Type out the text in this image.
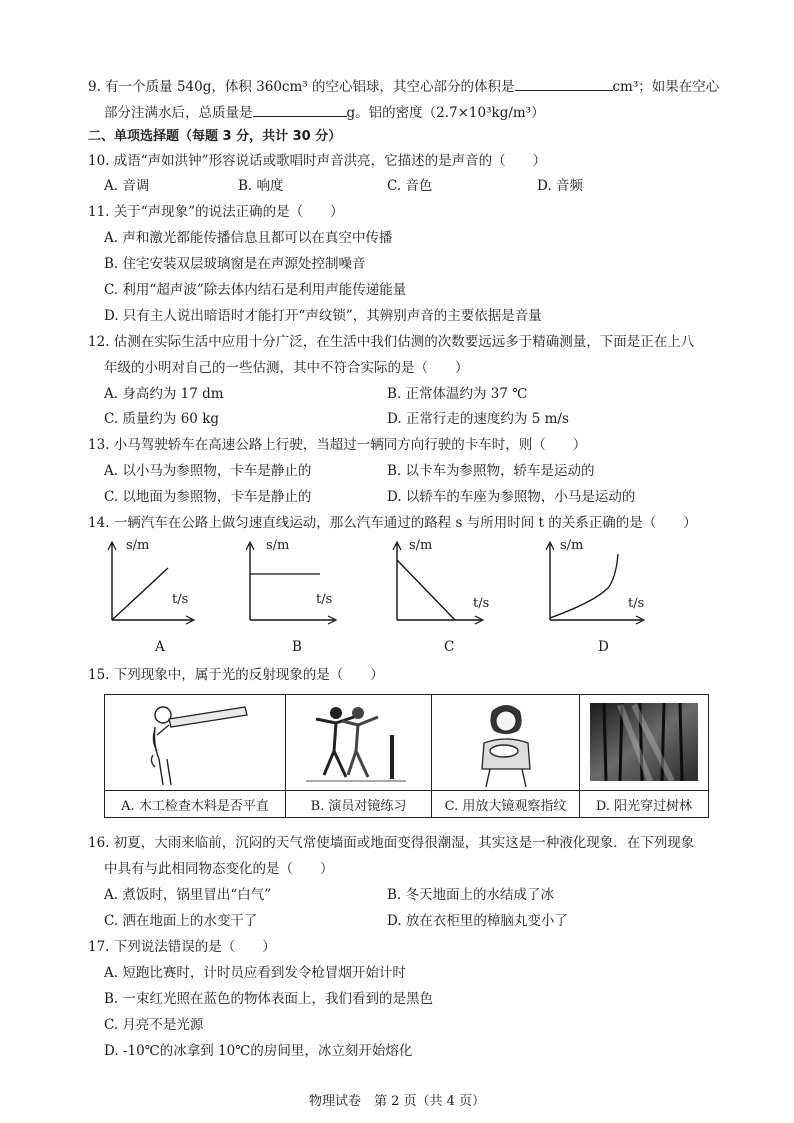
9. 有一个质量 540g，体积 360cm³ 的空心铝球，其空心部分的体积是	cm³；如果在空心
部分注满水后，总质量是	g。铝的密度（2.7×10³kg/m³）
二、单项选择题（每题 3 分，共计 30 分）
10. 成语“声如洪钟”形容说话或歌唱时声音洪亮，它描述的是声音的（　　）
A. 音调	B. 响度	C. 音色	D. 音频
11. 关于“声现象”的说法正确的是（　　）
A. 声和激光都能传播信息且都可以在真空中传播
B. 住宅安装双层玻璃窗是在声源处控制噪音
C. 利用“超声波”除去体内结石是利用声能传递能量
D. 只有主人说出暗语时才能打开“声纹锁”，其辨别声音的主要依据是音量
12. 估测在实际生活中应用十分广泛，在生活中我们估测的次数要远远多于精确测量，下面是正在上八
年级的小明对自己的一些估测，其中不符合实际的是（　　）
A. 身高约为 17 dm	B. 正常体温约为 37 ℃
C. 质量约为 60 kg	D. 正常行走的速度约为 5 m/s
13. 小马驾驶轿车在高速公路上行驶，当超过一辆同方向行驶的卡车时，则（　　）
A. 以小马为参照物，卡车是静止的	B. 以卡车为参照物，轿车是运动的
C. 以地面为参照物，卡车是静止的	D. 以轿车的车座为参照物，小马是运动的
14. 一辆汽车在公路上做匀速直线运动，那么汽车通过的路程 s 与所用时间 t 的关系正确的是（　　）
s/m
t/s
A
s/m
t/s
B
s/m
t/s
C
s/m
t/s
D
15. 下列现象中，属于光的反射现象的是（　　）

A. 木工检查木料是否平直	B. 演员对镜练习	C. 用放大镜观察指纹	D. 阳光穿过树林
16. 初夏，大雨来临前，沉闷的天气常使墙面或地面变得很潮湿，其实这是一种液化现象．在下列现象
中具有与此相同物态变化的是（　　）
A. 煮饭时，锅里冒出“白气”	B. 冬天地面上的水结成了冰
C. 洒在地面上的水变干了	D. 放在衣柜里的樟脑丸变小了
17. 下列说法错误的是（　　）
A. 短跑比赛时，计时员应看到发令枪冒烟开始计时
B. 一束红光照在蓝色的物体表面上，我们看到的是黑色
C. 月亮不是光源
D. -10℃的冰拿到 10℃的房间里，冰立刻开始熔化
物理试卷　第 2 页（共 4 页）
